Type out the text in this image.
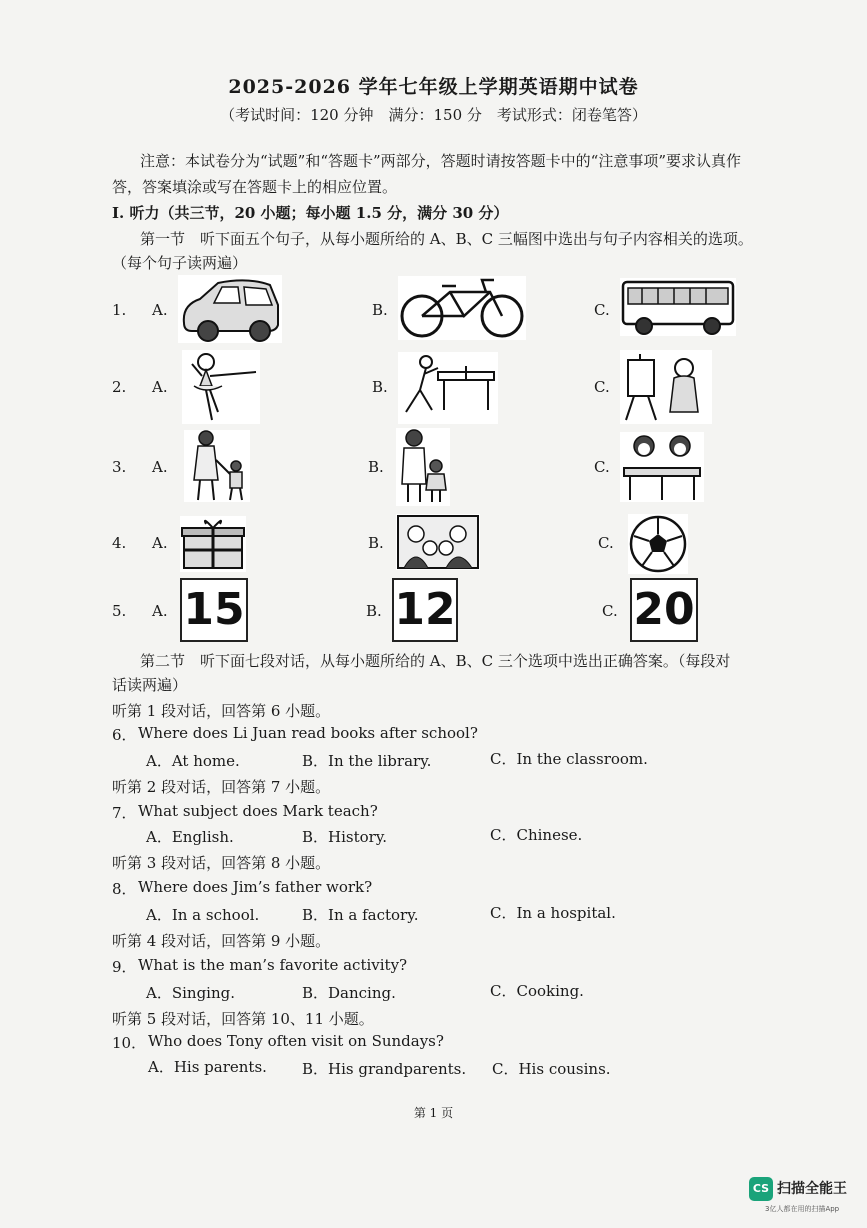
2025-2026 学年七年级上学期英语期中试卷
（考试时间：120 分钟　满分：150 分　考试形式：闭卷笔答）
注意：本试卷分为“试题”和“答题卡”两部分，答题时请按答题卡中的“注意事项”要求认真作
答，答案填涂或写在答题卡上的相应位置。
I. 听力（共三节，20 小题；每小题 1.5 分，满分 30 分）
第一节　听下面五个句子，从每小题所给的 A、B、C 三幅图中选出与句子内容相关的选项。
（每个句子读两遍）
1. A.	B.	C.
2. A.	B.	C.
3. A.	B.	C.
4. A.	B.	C.
5. A. 15	B. 12	C. 20
第二节　听下面七段对话，从每小题所给的 A、B、C 三个选项中选出正确答案。（每段对
话读两遍）
听第 1 段对话，回答第 6 小题。
6． Where does Li Juan read books after school?
A．At home.	B．In the library.	C．In the classroom.
听第 2 段对话，回答第 7 小题。
7． What subject does Mark teach?
A．English.	B．History.	C．Chinese.
听第 3 段对话，回答第 8 小题。
8． Where does Jim’s father work?
A．In a school.	B．In a factory.	C．In a hospital.
听第 4 段对话，回答第 9 小题。
9． What is the man’s favorite activity?
A．Singing.	B．Dancing.	C．Cooking.
听第 5 段对话，回答第 10、11 小题。
10． Who does Tony often visit on Sundays?
A．His parents. B．His grandparents. C．His cousins.
第 1 页
CS 扫描全能王
3亿人都在用的扫描App
